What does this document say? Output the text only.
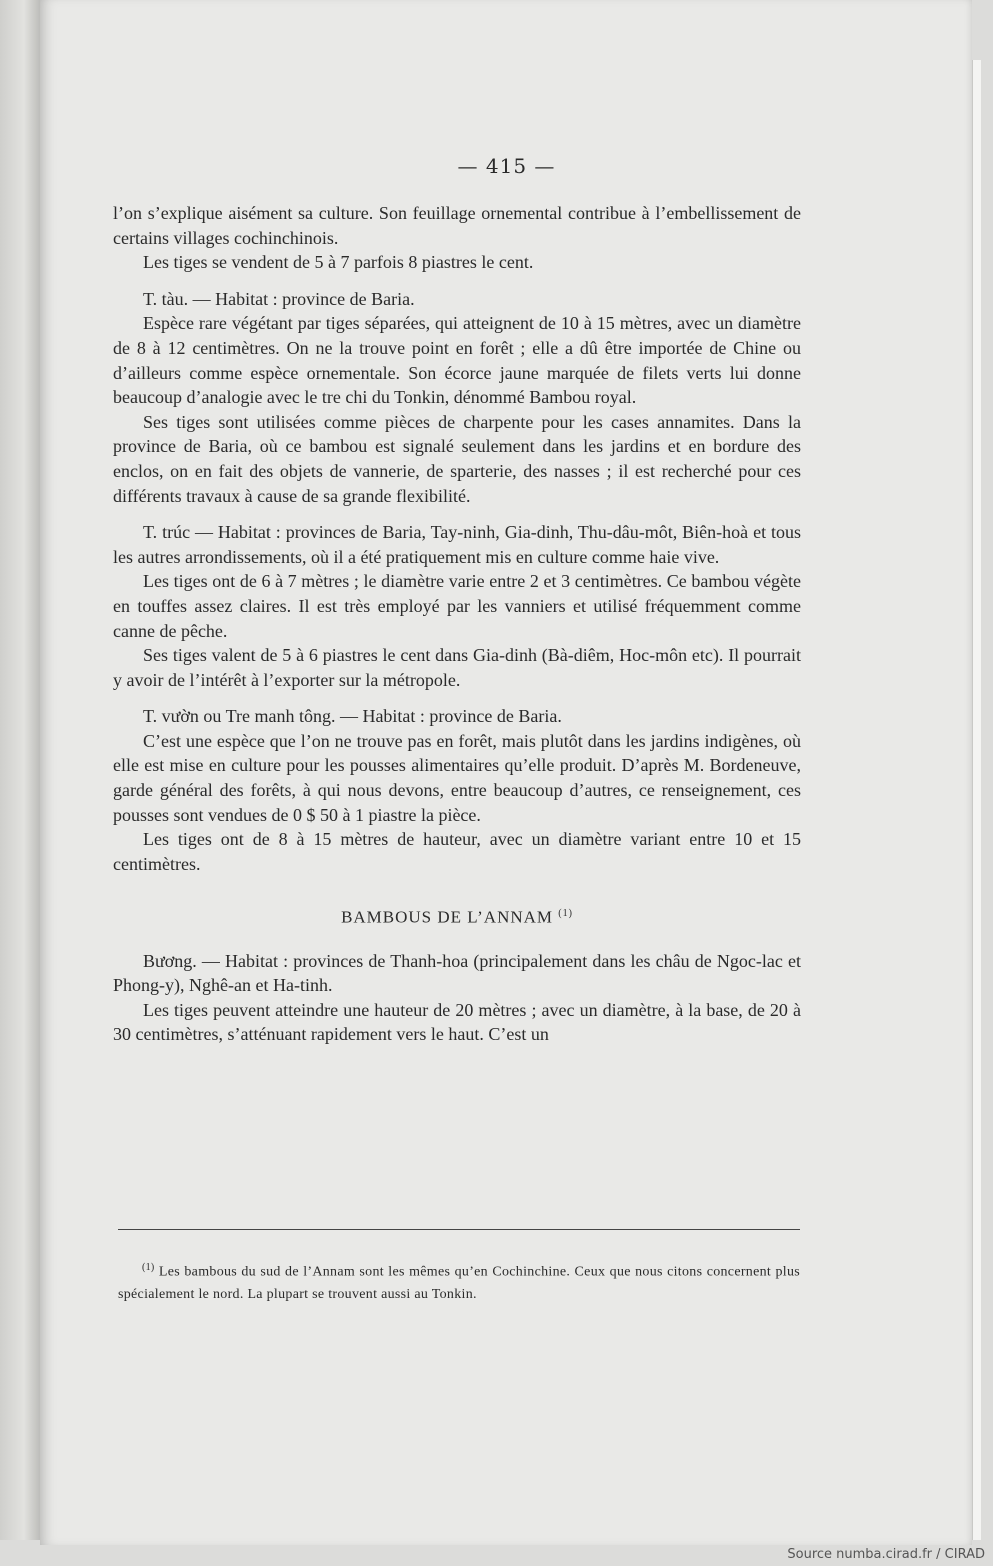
— 415 —

l’on s’explique aisément sa culture. Son feuillage ornemental contribue à l’embellissement de certains villages cochinchinois.

Les tiges se vendent de 5 à 7 parfois 8 piastres le cent.

T. tàu. — Habitat : province de Baria.

Espèce rare végétant par tiges séparées, qui atteignent de 10 à 15 mètres, avec un diamètre de 8 à 12 centimètres. On ne la trouve point en forêt ; elle a dû être importée de Chine ou d’ailleurs comme espèce ornementale. Son écorce jaune marquée de filets verts lui donne beaucoup d’analogie avec le tre chi du Tonkin, dénommé Bambou royal.

Ses tiges sont utilisées comme pièces de charpente pour les cases annamites. Dans la province de Baria, où ce bambou est signalé seulement dans les jardins et en bordure des enclos, on en fait des objets de vannerie, de sparterie, des nasses ; il est recherché pour ces différents travaux à cause de sa grande flexibilité.

T. trúc — Habitat : provinces de Baria, Tay-ninh, Gia-dinh, Thu-dâu-môt, Biên-hoà et tous les autres arrondissements, où il a été pratiquement mis en culture comme haie vive.

Les tiges ont de 6 à 7 mètres ; le diamètre varie entre 2 et 3 centimètres. Ce bambou végète en touffes assez claires. Il est très employé par les vanniers et utilisé fréquemment comme canne de pêche.

Ses tiges valent de 5 à 6 piastres le cent dans Gia-dinh (Bà-diêm, Hoc-môn etc). Il pourrait y avoir de l’intérêt à l’exporter sur la métropole.

T. vườn ou Tre manh tông. — Habitat : province de Baria.

C’est une espèce que l’on ne trouve pas en forêt, mais plutôt dans les jardins indigènes, où elle est mise en culture pour les pousses alimentaires qu’elle produit. D’après M. Bordeneuve, garde général des forêts, à qui nous devons, entre beaucoup d’autres, ce renseignement, ces pousses sont vendues de 0 $ 50 à 1 piastre la pièce.

Les tiges ont de 8 à 15 mètres de hauteur, avec un diamètre variant entre 10 et 15 centimètres.

BAMBOUS DE L’ANNAM $^{(1)}$

Bương. — Habitat : provinces de Thanh-hoa (principalement dans les châu de Ngoc-lac et Phong-y), Nghê-an et Ha-tinh.

Les tiges peuvent atteindre une hauteur de 20 mètres ; avec un diamètre, à la base, de 20 à 30 centimètres, s’atténuant rapidement vers le haut. C’est un

$^{(1)}$ Les bambous du sud de l’Annam sont les mêmes qu’en Cochinchine. Ceux que nous citons concernent plus spécialement le nord. La plupart se trouvent aussi au Tonkin.
Source numba.cirad.fr / CIRAD
